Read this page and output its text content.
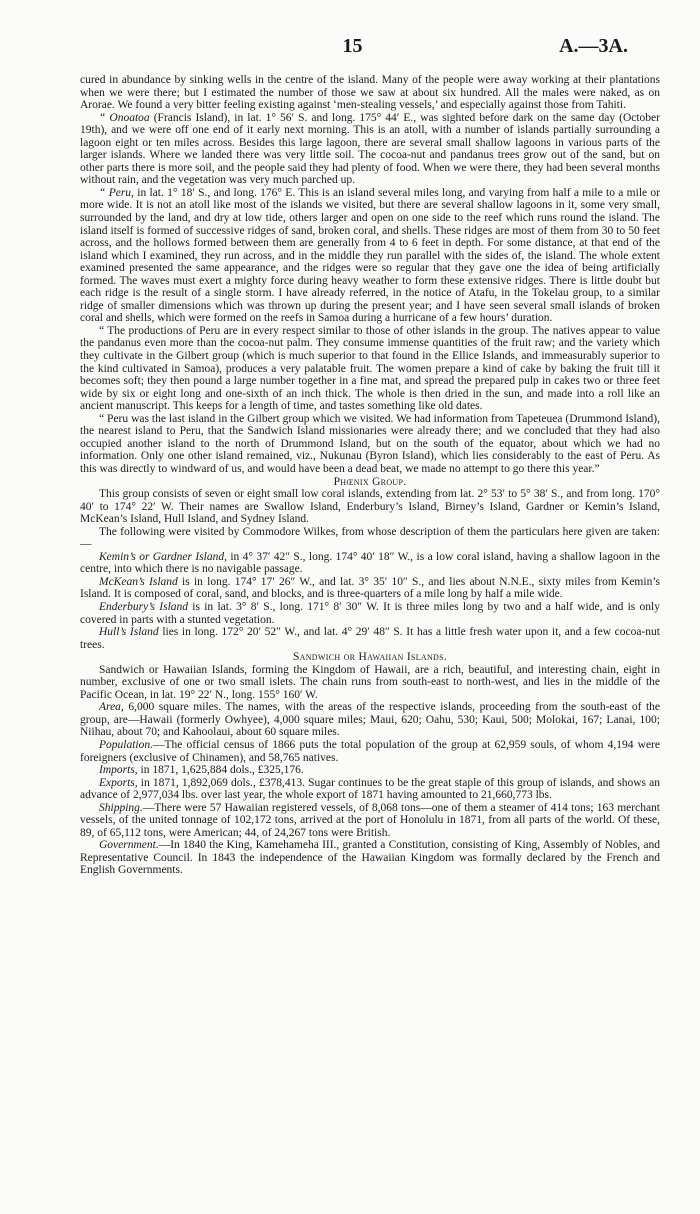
15	A.—3A.

cured in abundance by sinking wells in the centre of the island. Many of the people were away working at their plantations when we were there; but I estimated the number of those we saw at about six hundred. All the males were naked, as on Arorae. We found a very bitter feeling existing against ‘men-stealing vessels,’ and especially against those from Tahiti.

“ Onoatoa (Francis Island), in lat. 1° 56′ S. and long. 175° 44′ E., was sighted before dark on the same day (October 19th), and we were off one end of it early next morning. This is an atoll, with a number of islands partially surrounding a lagoon eight or ten miles across. Besides this large lagoon, there are several small shallow lagoons in various parts of the larger islands. Where we landed there was very little soil. The cocoa-nut and pandanus trees grow out of the sand, but on other parts there is more soil, and the people said they had plenty of food. When we were there, they had been several months without rain, and the vegetation was very much parched up.

“ Peru, in lat. 1° 18′ S., and long. 176° E. This is an island several miles long, and varying from half a mile to a mile or more wide. It is not an atoll like most of the islands we visited, but there are several shallow lagoons in it, some very small, surrounded by the land, and dry at low tide, others larger and open on one side to the reef which runs round the island. The island itself is formed of successive ridges of sand, broken coral, and shells. These ridges are most of them from 30 to 50 feet across, and the hollows formed between them are generally from 4 to 6 feet in depth. For some distance, at that end of the island which I examined, they run across, and in the middle they run parallel with the sides of, the island. The whole extent examined presented the same appearance, and the ridges were so regular that they gave one the idea of being artificially formed. The waves must exert a mighty force during heavy weather to form these extensive ridges. There is little doubt but each ridge is the result of a single storm. I have already referred, in the notice of Atafu, in the Tokelau group, to a similar ridge of smaller dimensions which was thrown up during the present year; and I have seen several small islands of broken coral and shells, which were formed on the reefs in Samoa during a hurricane of a few hours’ duration.

“ The productions of Peru are in every respect similar to those of other islands in the group. The natives appear to value the pandanus even more than the cocoa-nut palm. They consume immense quantities of the fruit raw; and the variety which they cultivate in the Gilbert group (which is much superior to that found in the Ellice Islands, and immeasurably superior to the kind cultivated in Samoa), produces a very palatable fruit. The women prepare a kind of cake by baking the fruit till it becomes soft; they then pound a large number together in a fine mat, and spread the prepared pulp in cakes two or three feet wide by six or eight long and one-sixth of an inch thick. The whole is then dried in the sun, and made into a roll like an ancient manuscript. This keeps for a length of time, and tastes something like old dates.

“ Peru was the last island in the Gilbert group which we visited. We had information from Tapeteuea (Drummond Island), the nearest island to Peru, that the Sandwich Island missionaries were already there; and we concluded that they had also occupied another island to the north of Drummond Island, but on the south of the equator, about which we had no information. Only one other island remained, viz., Nukunau (Byron Island), which lies considerably to the east of Peru. As this was directly to windward of us, and would have been a dead beat, we made no attempt to go there this year.”

Phœnix Group.

This group consists of seven or eight small low coral islands, extending from lat. 2° 53′ to 5° 38′ S., and from long. 170° 40′ to 174° 22′ W. Their names are Swallow Island, Enderbury’s Island, Birney’s Island, Gardner or Kemin’s Island, McKean’s Island, Hull Island, and Sydney Island.

The following were visited by Commodore Wilkes, from whose description of them the particulars here given are taken:—

Kemin’s or Gardner Island, in 4° 37′ 42″ S., long. 174° 40′ 18″ W., is a low coral island, having a shallow lagoon in the centre, into which there is no navigable passage.

McKean’s Island is in long. 174° 17′ 26″ W., and lat. 3° 35′ 10″ S., and lies about N.N.E., sixty miles from Kemin’s Island. It is composed of coral, sand, and blocks, and is three-quarters of a mile long by half a mile wide.

Enderbury’s Island is in lat. 3° 8′ S., long. 171° 8′ 30″ W. It is three miles long by two and a half wide, and is only covered in parts with a stunted vegetation.

Hull’s Island lies in long. 172° 20′ 52″ W., and lat. 4° 29′ 48″ S. It has a little fresh water upon it, and a few cocoa-nut trees.

Sandwich or Hawaiian Islands.

Sandwich or Hawaiian Islands, forming the Kingdom of Hawaii, are a rich, beautiful, and interesting chain, eight in number, exclusive of one or two small islets. The chain runs from south-east to north-west, and lies in the middle of the Pacific Ocean, in lat. 19° 22′ N., long. 155° 160′ W.

Area, 6,000 square miles. The names, with the areas of the respective islands, proceeding from the south-east of the group, are—Hawaii (formerly Owhyee), 4,000 square miles; Maui, 620; Oahu, 530; Kaui, 500; Molokai, 167; Lanai, 100; Niihau, about 70; and Kahoolaui, about 60 square miles.

Population.—The official census of 1866 puts the total population of the group at 62,959 souls, of whom 4,194 were foreigners (exclusive of Chinamen), and 58,765 natives.

Imports, in 1871, 1,625,884 dols., £325,176.

Exports, in 1871, 1,892,069 dols., £378,413. Sugar continues to be the great staple of this group of islands, and shows an advance of 2,977,034 lbs. over last year, the whole export of 1871 having amounted to 21,660,773 lbs.

Shipping.—There were 57 Hawaiian registered vessels, of 8,068 tons—one of them a steamer of 414 tons; 163 merchant vessels, of the united tonnage of 102,172 tons, arrived at the port of Honolulu in 1871, from all parts of the world. Of these, 89, of 65,112 tons, were American; 44, of 24,267 tons were British.

Government.—In 1840 the King, Kamehameha III., granted a Constitution, consisting of King, Assembly of Nobles, and Representative Council. In 1843 the independence of the Hawaiian Kingdom was formally declared by the French and English Governments.
